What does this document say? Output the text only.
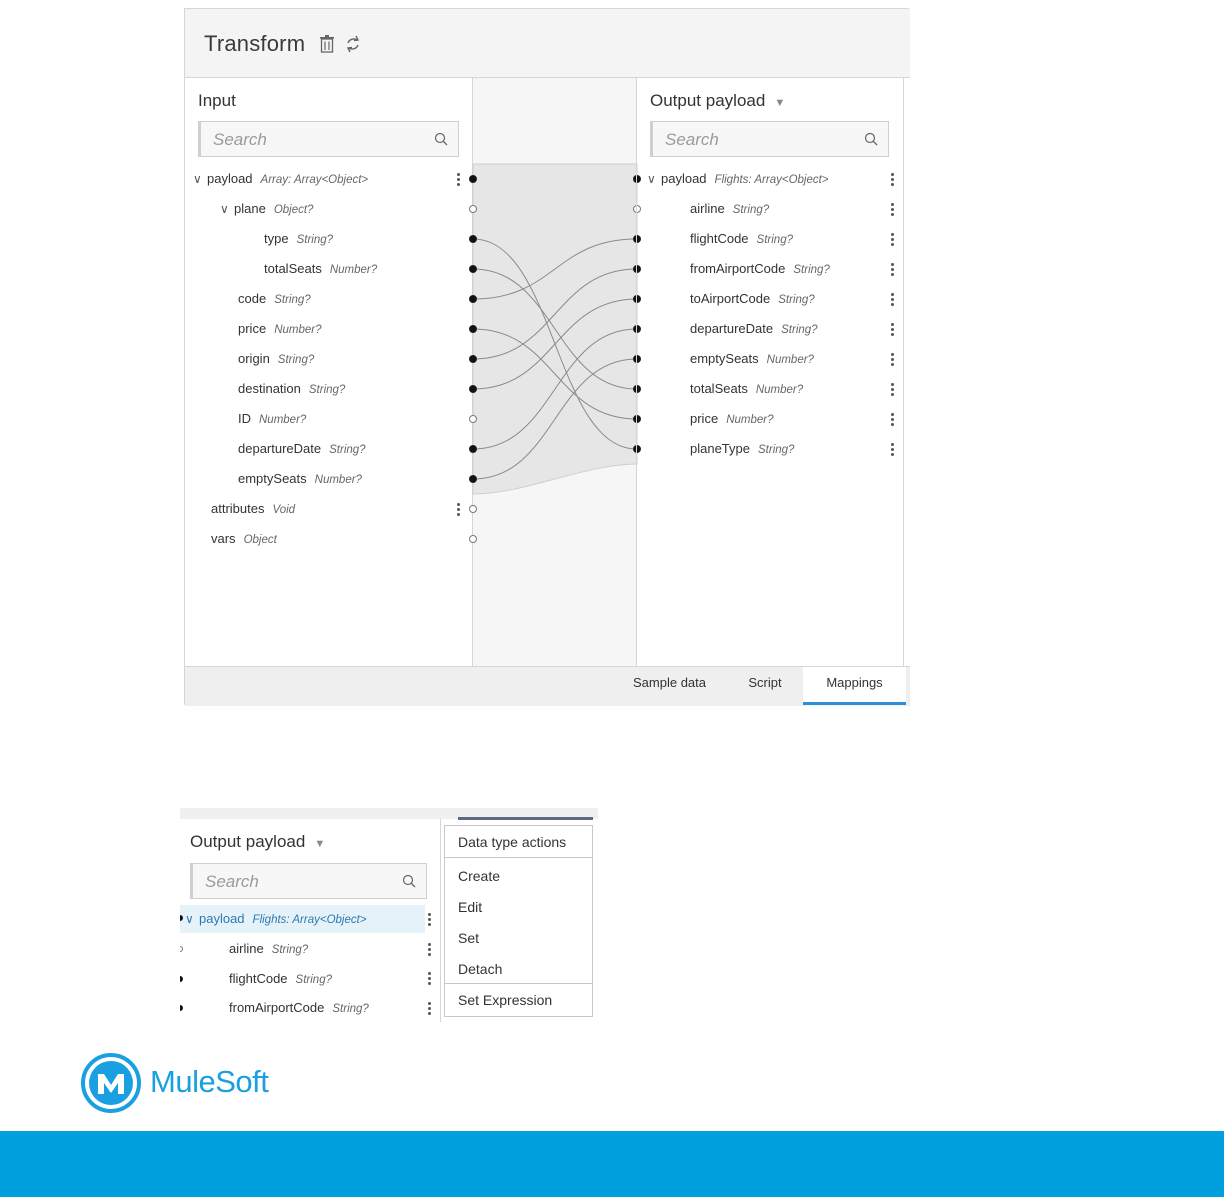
Transform
Input
Search
∨ payload Array: Array<Object>
∨ plane Object?
type String?
totalSeats Number?
code String?
price Number?
origin String?
destination String?
ID Number?
departureDate String?
emptySeats Number?
attributes Void
vars Object
Output payload ▼
Search
∨ payload Flights: Array<Object>
airline String?
flightCode String?
fromAirportCode String?
toAirportCode String?
departureDate String?
emptySeats Number?
totalSeats Number?
price Number?
planeType String?
Sample data	Script	Mappings
Output payload ▼
Search
∨ payload Flights: Array<Object>
airline String?
flightCode String?
fromAirportCode String?
Data type actions
Create
Edit
Set
Detach
Set Expression
MuleSoft
